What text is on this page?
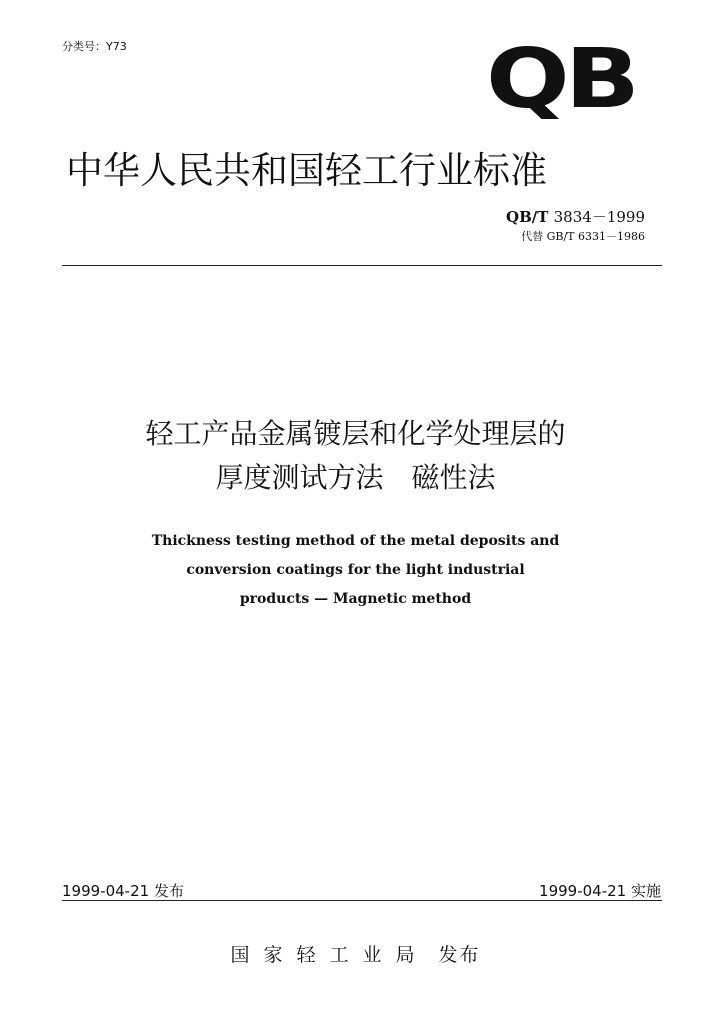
分类号：Y73	QB
中华人民共和国轻工行业标准
QB/T 3834－1999
代替 GB/T 6331－1986
轻工产品金属镀层和化学处理层的
厚度测试方法　磁性法
Thickness testing method of the metal deposits and
conversion coatings for the light industrial
products — Magnetic method
1999-04-21 发布	1999-04-21 实施
国家轻工业局 发布
